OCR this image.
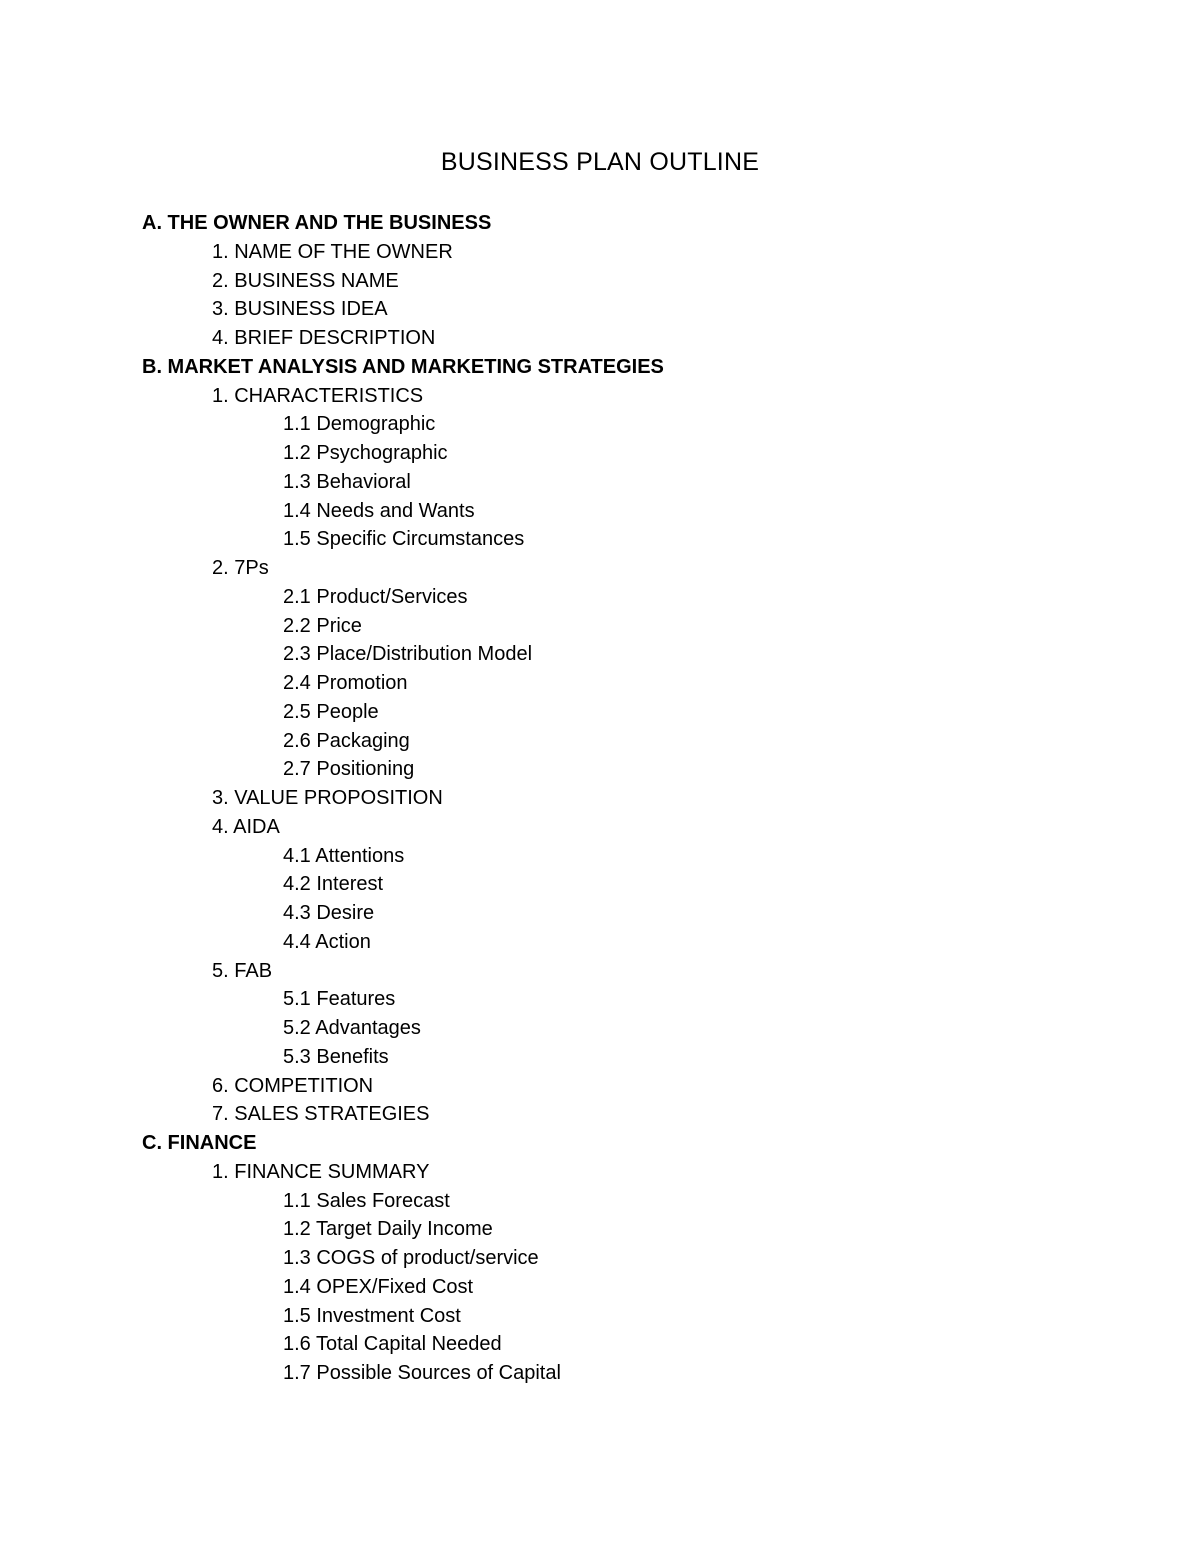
BUSINESS PLAN OUTLINE
A. THE OWNER AND THE BUSINESS
1. NAME OF THE OWNER
2. BUSINESS NAME
3. BUSINESS IDEA
4. BRIEF DESCRIPTION
B. MARKET ANALYSIS AND MARKETING STRATEGIES
1. CHARACTERISTICS
1.1 Demographic
1.2 Psychographic
1.3 Behavioral
1.4 Needs and Wants
1.5 Specific Circumstances
2. 7Ps
2.1 Product/Services
2.2 Price
2.3 Place/Distribution Model
2.4 Promotion
2.5 People
2.6 Packaging
2.7 Positioning
3. VALUE PROPOSITION
4. AIDA
4.1 Attentions
4.2 Interest
4.3 Desire
4.4 Action
5. FAB
5.1 Features
5.2 Advantages
5.3 Benefits
6. COMPETITION
7. SALES STRATEGIES
C. FINANCE
1. FINANCE SUMMARY
1.1 Sales Forecast
1.2 Target Daily Income
1.3 COGS of product/service
1.4 OPEX/Fixed Cost
1.5 Investment Cost
1.6 Total Capital Needed
1.7 Possible Sources of Capital
